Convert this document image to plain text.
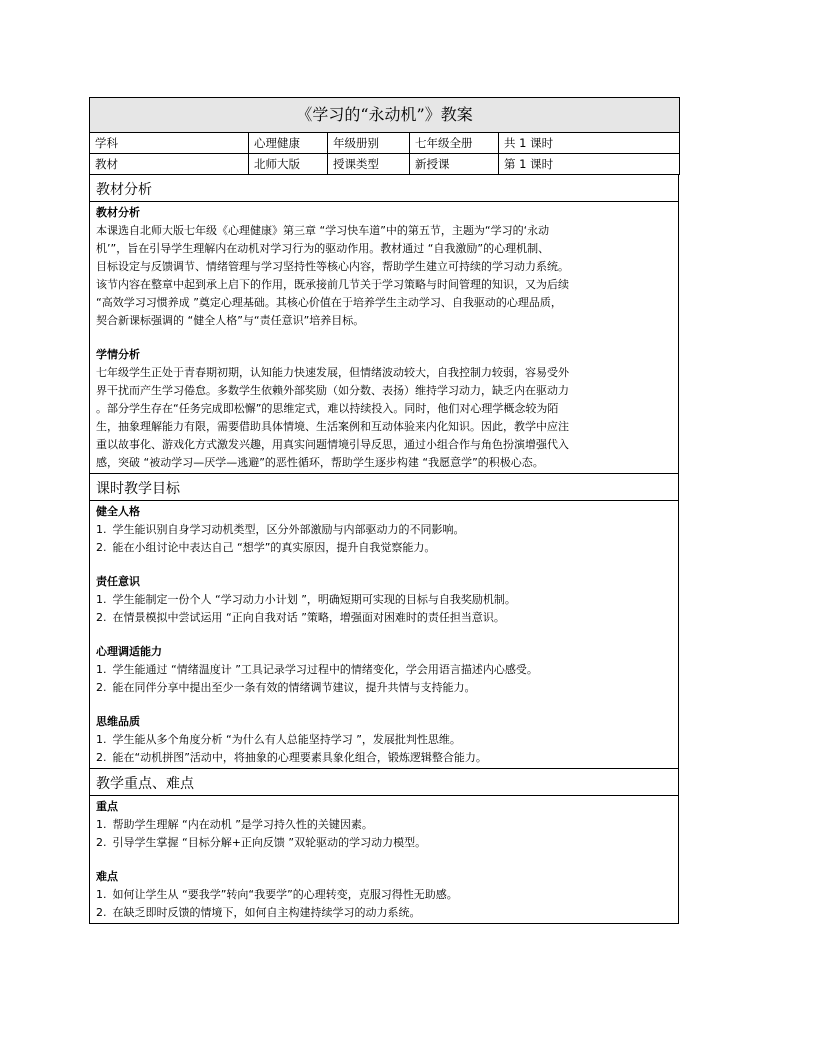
《学习的“永动机”》教案				
学科	心理健康	年级册别	七年级全册	共 1 课时
教材	北师大版	授课类型	新授课	第 1 课时
教材分析
教材分析
本课选自北师大版七年级《心理健康》第三章 “学习快车道”中的第五节，主题为“学习的‘永动
机’”，旨在引导学生理解内在动机对学习行为的驱动作用。教材通过 “自我激励”的心理机制、
目标设定与反馈调节、情绪管理与学习坚持性等核心内容，帮助学生建立可持续的学习动力系统。
该节内容在整章中起到承上启下的作用，既承接前几节关于学习策略与时间管理的知识，又为后续
“高效学习习惯养成 ”奠定心理基础。其核心价值在于培养学生主动学习、自我驱动的心理品质，
契合新课标强调的 “健全人格”与“责任意识”培养目标。
学情分析
七年级学生正处于青春期初期，认知能力快速发展，但情绪波动较大，自我控制力较弱，容易受外
界干扰而产生学习倦怠。多数学生依赖外部奖励（如分数、表扬）维持学习动力，缺乏内在驱动力
。部分学生存在“任务完成即松懈”的思维定式，难以持续投入。同时，他们对心理学概念较为陌
生，抽象理解能力有限，需要借助具体情境、生活案例和互动体验来内化知识。因此，教学中应注
重以故事化、游戏化方式激发兴趣，用真实问题情境引导反思，通过小组合作与角色扮演增强代入
感，突破 “被动学习—厌学—逃避”的恶性循环，帮助学生逐步构建 “我愿意学”的积极心态。
课时教学目标
健全人格
1. 学生能识别自身学习动机类型，区分外部激励与内部驱动力的不同影响。
2. 能在小组讨论中表达自己 “想学”的真实原因，提升自我觉察能力。
责任意识
1. 学生能制定一份个人 “学习动力小计划 ”，明确短期可实现的目标与自我奖励机制。
2. 在情景模拟中尝试运用 “正向自我对话 ”策略，增强面对困难时的责任担当意识。
心理调适能力
1. 学生能通过 “情绪温度计 ”工具记录学习过程中的情绪变化，学会用语言描述内心感受。
2. 能在同伴分享中提出至少一条有效的情绪调节建议，提升共情与支持能力。
思维品质
1. 学生能从多个角度分析 “为什么有人总能坚持学习 ”，发展批判性思维。
2. 能在“动机拼图”活动中，将抽象的心理要素具象化组合，锻炼逻辑整合能力。
教学重点、难点
重点
1. 帮助学生理解 “内在动机 ”是学习持久性的关键因素。
2. 引导学生掌握 “目标分解+正向反馈 ”双轮驱动的学习动力模型。
难点
1. 如何让学生从 “要我学”转向“我要学”的心理转变，克服习得性无助感。
2. 在缺乏即时反馈的情境下，如何自主构建持续学习的动力系统。
